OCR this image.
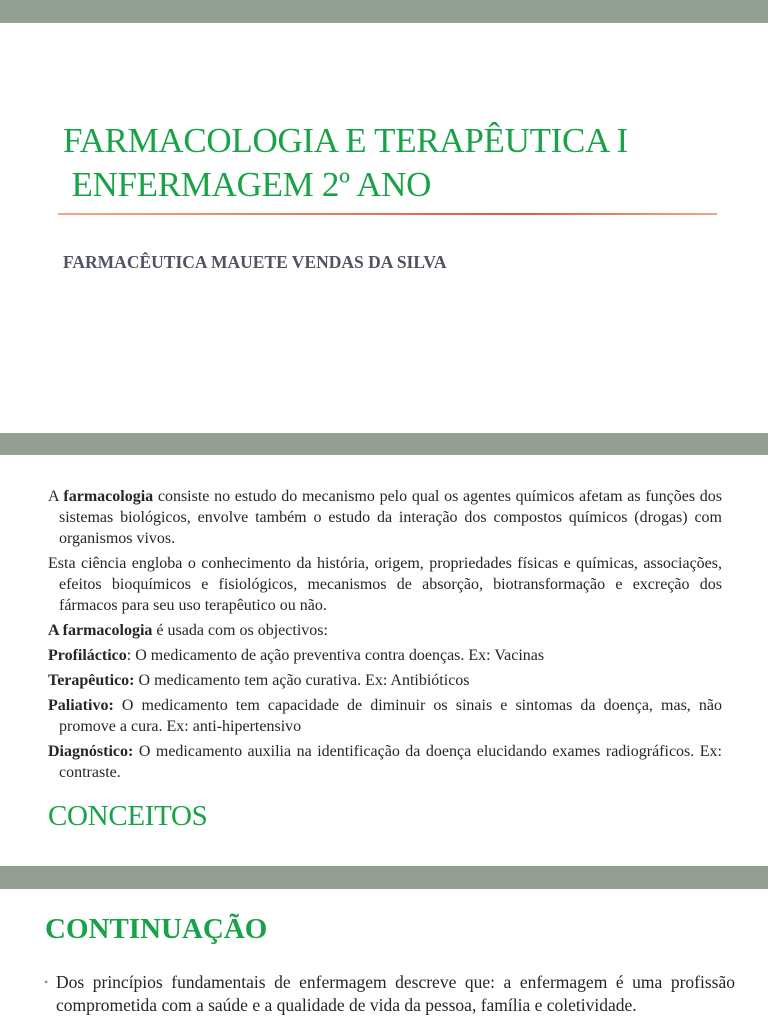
FARMACOLOGIA E TERAPÊUTICA I
ENFERMAGEM 2º ANO

FARMACÊUTICA MAUETE VENDAS DA SILVA

A farmacologia consiste no estudo do mecanismo pelo qual os agentes químicos afetam as funções dos sistemas biológicos, envolve também o estudo da interação dos compostos químicos (drogas) com organismos vivos.

Esta ciência engloba o conhecimento da história, origem, propriedades físicas e químicas, associações, efeitos bioquímicos e fisiológicos, mecanismos de absorção, biotransformação e excreção dos fármacos para seu uso terapêutico ou não.

A farmacologia é usada com os objectivos:

Profiláctico: O medicamento de ação preventiva contra doenças. Ex: Vacinas

Terapêutico: O medicamento tem ação curativa. Ex: Antibióticos

Paliativo: O medicamento tem capacidade de diminuir os sinais e sintomas da doença, mas, não promove a cura. Ex: anti-hipertensivo

Diagnóstico: O medicamento auxilia na identificação da doença elucidando exames radiográficos. Ex: contraste.

CONCEITOS
CONTINUAÇÃO

• Dos princípios fundamentais de enfermagem descreve que: a enfermagem é uma profissão comprometida com a saúde e a qualidade de vida da pessoa, família e coletividade.
